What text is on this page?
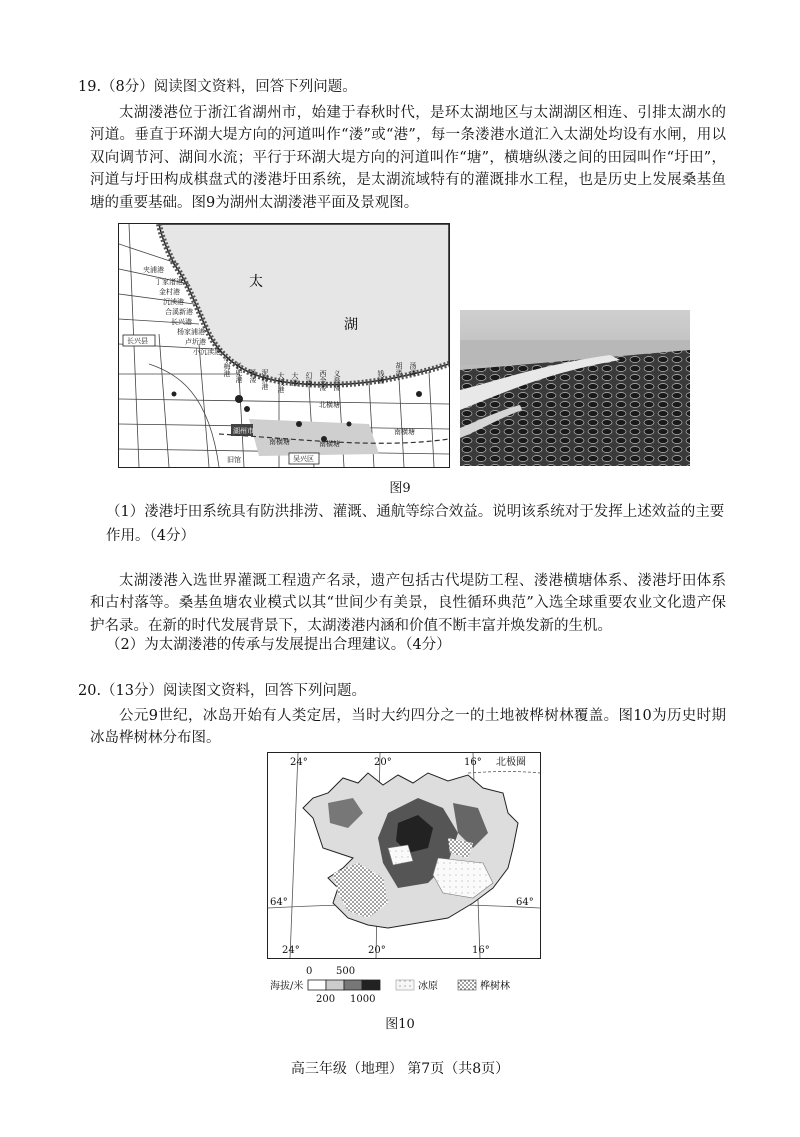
19.（8分）阅读图文资料，回答下列问题。
太湖溇港位于浙江省湖州市，始建于春秋时代，是环太湖地区与太湖湖区相连、引排太湖水的河道。垂直于环湖大堤方向的河道叫作“溇”或“港”，每一条溇港水道汇入太湖处均设有水闸，用以双向调节河、湖间水流；平行于环湖大堤方向的河道叫作“塘”，横塘纵溇之间的田园叫作“圩田”，河道与圩田构成棋盘式的溇港圩田系统，是太湖流域特有的灌溉排水工程，也是历史上发展桑基鱼塘的重要基础。图9为湖州太湖溇港平面及景观图。
太
湖
夹浦港
丁家渚港
金村港
沉渎港
合溪新港
长兴港
杨家浦港
卢圻港
小沉渎港
小梅港 长兜港 杨溇 泥桥港 大钱港 大溇 幻溇 西金溇 义皋溇
胡溇 汤溇
钱溇
长兴县
湖州市
北横塘
南横塘	南横塘
南横塘
旧馆	吴兴区
图9
（1）溇港圩田系统具有防洪排涝、灌溉、通航等综合效益。说明该系统对于发挥上述效益的主要作用。（4分）
太湖溇港入选世界灌溉工程遗产名录，遗产包括古代堤防工程、溇港横塘体系、溇港圩田体系和古村落等。桑基鱼塘农业模式以其“世间少有美景，良性循环典范”入选全球重要农业文化遗产保护名录。在新的时代发展背景下，太湖溇港内涵和价值不断丰富并焕发新的生机。
（2）为太湖溇港的传承与发展提出合理建议。（4分）
20.（13分）阅读图文资料，回答下列问题。
公元9世纪，冰岛开始有人类定居，当时大约四分之一的土地被桦树林覆盖。图10为历史时期冰岛桦树林分布图。
24°	20°	16°
24°	20°	16°
64°	64°
北极圈
海拔/米
0 500
200 1000
冰原	桦树林
图10
高三年级（地理） 第7页（共8页）
